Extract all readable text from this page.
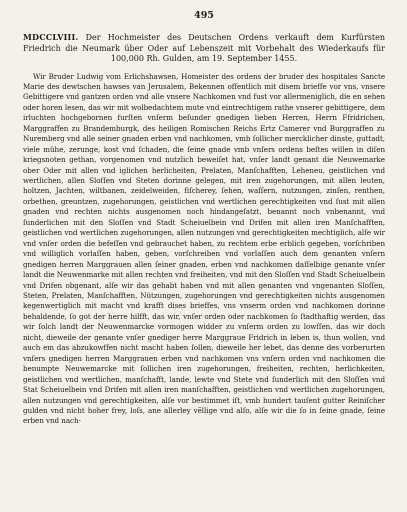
495
MDCCLVIII. Der Hochmeister des Deutschen Ordens verkauft dem Kurfürsten Friedrich die Neumark über Oder auf Lebenszeit mit Vorbehalt des Wiederkaufs für 100,000 Rh. Gulden, am 19. September 1455.

Wir Bruder Ludwig vom Erlichshawsen, Homeister des ordens der bruder des hospitales Sancte Marie des dewtschen hawses van Jerusalem, Bekennen offentlich mit disem brieffe vor vns, vnsere Gebittigere vnd gantzen orden vnd alle vnsere Nachkomen vnd fust vor allermeniglich, die en sehen oder horen lesen, das wir mit wolbedachtem mute vnd eintrechtigem rathe vnserer gebittigere, dem irluchten hochgebornen furſten vnſerm beſunder gnedigen lieben Herren, Herrn Ffridrichen, Marggraffen zu Brandemburgk, des heiligen Romischen Reichs Ertz Camerer vnd Burggraffen zu Nuremberg vnd alle seiner gnaden erben vnd nachkomen, vmb ſollicher mercklicher dinste, guttadt, viele mühe, zerunge, kost vnd ſchaden, die ſeine gnade vmb vnſers ordens beſtes willen in diſen kriegsnoten gethan, vorgenomen vnd nutzlich beweiſet hat, vnſer landt genant die Neuwemarke ober Oder mit allen vnd iglichen herlicheiten, Prelaten, Manſchafften, Leheneu, geistlichen vnd wertlichen, allen Sloſſen vnd Steten dorinne gelegen, mit iren zugehorungen, mit allen leuten, holtzen, Jachten, wiltbanen, zeidelweiden, fiſcherey, ſehen, waſſern, nutzungen, zinſen, renthen, orbethen, greuntzen, zugehorungen, geistlichen vnd wertlichen gerechtigkeiten vnd ſust mit allen gnaden vnd rechten nichts ausgenomen noch hindangeſatzt, benannt noch vnbenannt, vnd ſunderlichen mit den Sloſſen vnd Stadt Scheiuelbein vnd Drifen mit allen iren Manſchafften, geistlichen vnd wertlichen zugehorungen, allen nutzungen vnd gerechtigkeiten mechtiglich, alſe wir vnd vnſer orden die befeſſen vnd gebrauchet haben, zu rechtem erbe erblich gegeben, vorſchriben vnd williglich vorlaſſen haben, geben, vorſchreiben vnd vorlaſſen auch dem genanten vnſern gnedigen herren Marggrauen allen ſeiner gnaden, erben vnd nachkomen daſſelbige genante vnſer landt die Neuwenmarke mit allen rechten vnd freiheiten, vnd mit den Sloſſen vnd Stadt Scheiuelbein vnd Drifen obgenant, alſe wir das gehabt haben vnd mit allen genanten vnd vngenanten Sloſſen, Steten, Prelaten, Manſchafften, Nützungen, zugehorungen vnd gerechtigkeiten nichts ausgenomen kegenwertiglich mit macht vnd krafft dises brieffes, vns vnserm orden vnd nachkomen dorinne behaldende, ſo got der herre hilfft, das wir, vnſer orden oder nachkomen ſo ſtadthaftig werden, das wir ſolch landt der Neuwenmarcke vormogen widder zu vnſerm orden zu lowſſen, das wir doch nicht, dieweile der genante vnſer gnediger herre Marggraue Fridrich in leben is, thun wollen, vnd auch em das abzukowffen nicht macht haben ſollen, dieweile her lebet, das denne des vorberurten vnſers gnedigen herren Marggrauen erben vnd nachkomen vns vnſern orden vnd nachkomen die benumpte Neuwemarcke mit ſollichen iren zugehorungen, freiheiten, rechten, herlichkeiten, geistlichen vnd wertlichen, manſchafft, lande, lewte vnd Stete vnd ſunderlich mit den Sloſſen vnd Stat Scheiuelbein vnd Drifen mit allen iren manſchafften, geistlichen vnd wertlichen zugehorungen, allen nutzungen vnd gerechtigkeiten, alſe vor bestimmet iſt, vmb hundert tauſent gutter Reiniſcher gulden vnd nicht hoher frey, loſs, ane allerley vẽllige vnd alſo, alſe wir die ſo in ſeine gnade, ſeine erben vnd nach-
